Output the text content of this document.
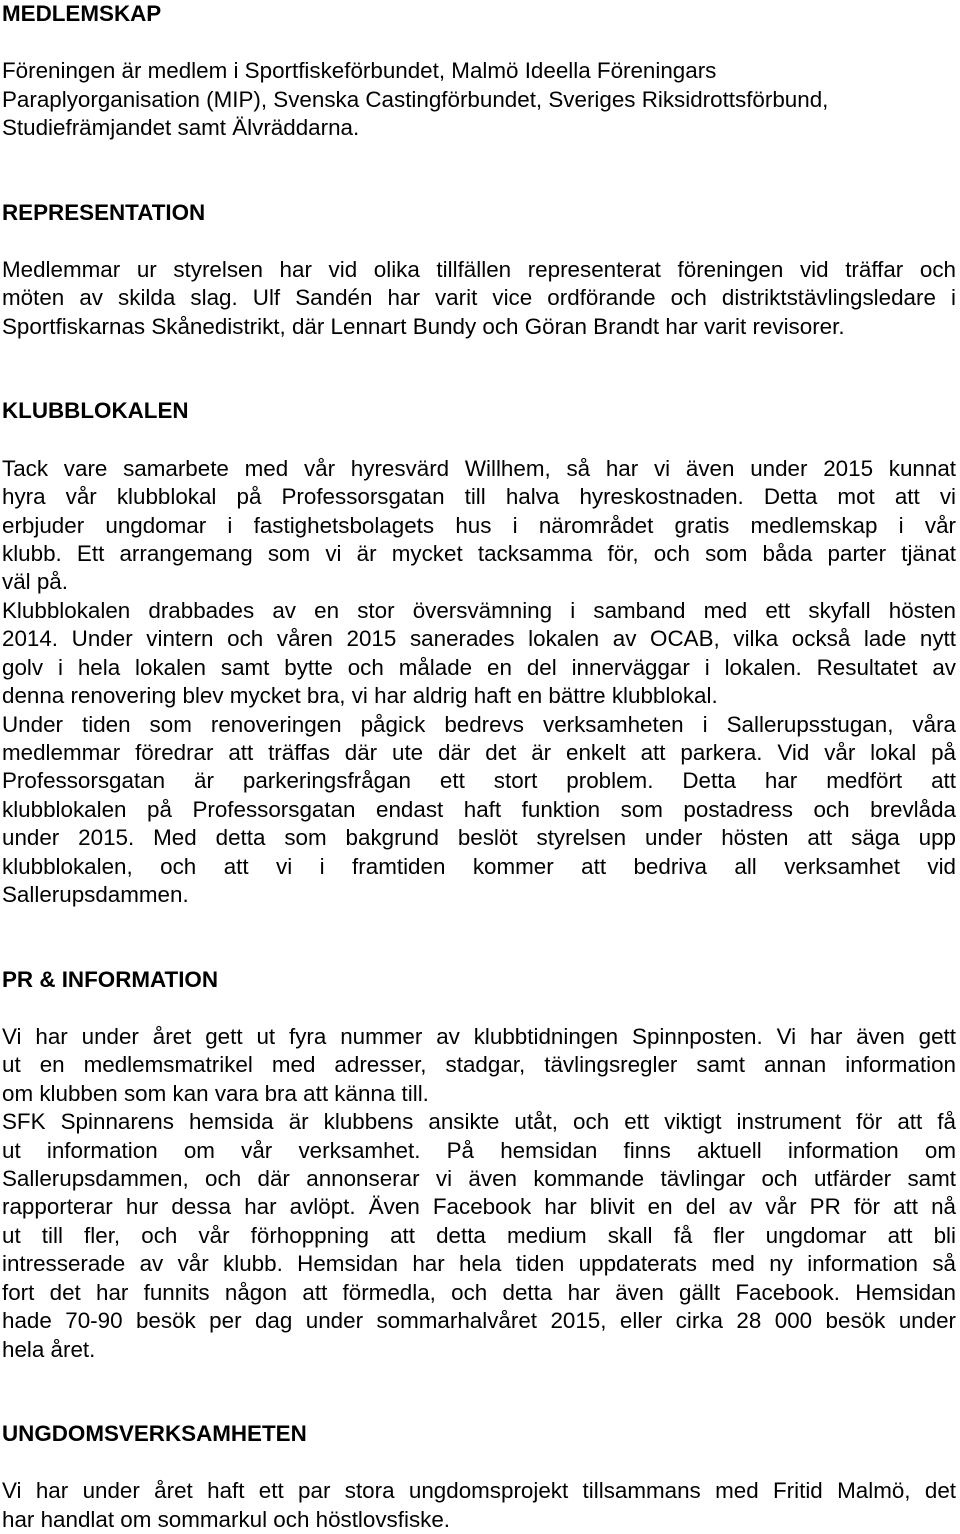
MEDLEMSKAP

Föreningen är medlem i Sportfiskeförbundet, Malmö Ideella Föreningars

Paraplyorganisation (MIP), Svenska Castingförbundet, Sveriges Riksidrottsförbund,

Studiefrämjandet samt Älvräddarna.

REPRESENTATION

Medlemmar ur styrelsen har vid olika tillfällen representerat föreningen vid träffar och

möten av skilda slag. Ulf Sandén har varit vice ordförande och distriktstävlingsledare i

Sportfiskarnas Skånedistrikt, där Lennart Bundy och Göran Brandt har varit revisorer.

KLUBBLOKALEN

Tack vare samarbete med vår hyresvärd Willhem, så har vi även under 2015 kunnat

hyra vår klubblokal på Professorsgatan till halva hyreskostnaden. Detta mot att vi

erbjuder ungdomar i fastighetsbolagets hus i närområdet gratis medlemskap i vår

klubb. Ett arrangemang som vi är mycket tacksamma för, och som båda parter tjänat

väl på.

Klubblokalen drabbades av en stor översvämning i samband med ett skyfall hösten

2014. Under vintern och våren 2015 sanerades lokalen av OCAB, vilka också lade nytt

golv i hela lokalen samt bytte och målade en del innerväggar i lokalen. Resultatet av

denna renovering blev mycket bra, vi har aldrig haft en bättre klubblokal.

Under tiden som renoveringen pågick bedrevs verksamheten i Sallerupsstugan, våra

medlemmar föredrar att träffas där ute där det är enkelt att parkera. Vid vår lokal på

Professorsgatan är parkeringsfrågan ett stort problem. Detta har medfört att

klubblokalen på Professorsgatan endast haft funktion som postadress och brevlåda

under 2015. Med detta som bakgrund beslöt styrelsen under hösten att säga upp

klubblokalen, och att vi i framtiden kommer att bedriva all verksamhet vid

Sallerupsdammen.

PR & INFORMATION

Vi har under året gett ut fyra nummer av klubbtidningen Spinnposten. Vi har även gett

ut en medlemsmatrikel med adresser, stadgar, tävlingsregler samt annan information

om klubben som kan vara bra att känna till.

SFK Spinnarens hemsida är klubbens ansikte utåt, och ett viktigt instrument för att få

ut information om vår verksamhet. På hemsidan finns aktuell information om

Sallerupsdammen, och där annonserar vi även kommande tävlingar och utfärder samt

rapporterar hur dessa har avlöpt. Även Facebook har blivit en del av vår PR för att nå

ut till fler, och vår förhoppning att detta medium skall få fler ungdomar att bli

intresserade av vår klubb. Hemsidan har hela tiden uppdaterats med ny information så

fort det har funnits någon att förmedla, och detta har även gällt Facebook. Hemsidan

hade 70-90 besök per dag under sommarhalvåret 2015, eller cirka 28 000 besök under

hela året.

UNGDOMSVERKSAMHETEN

Vi har under året haft ett par stora ungdomsprojekt tillsammans med Fritid Malmö, det

har handlat om sommarkul och höstlovsfiske.
